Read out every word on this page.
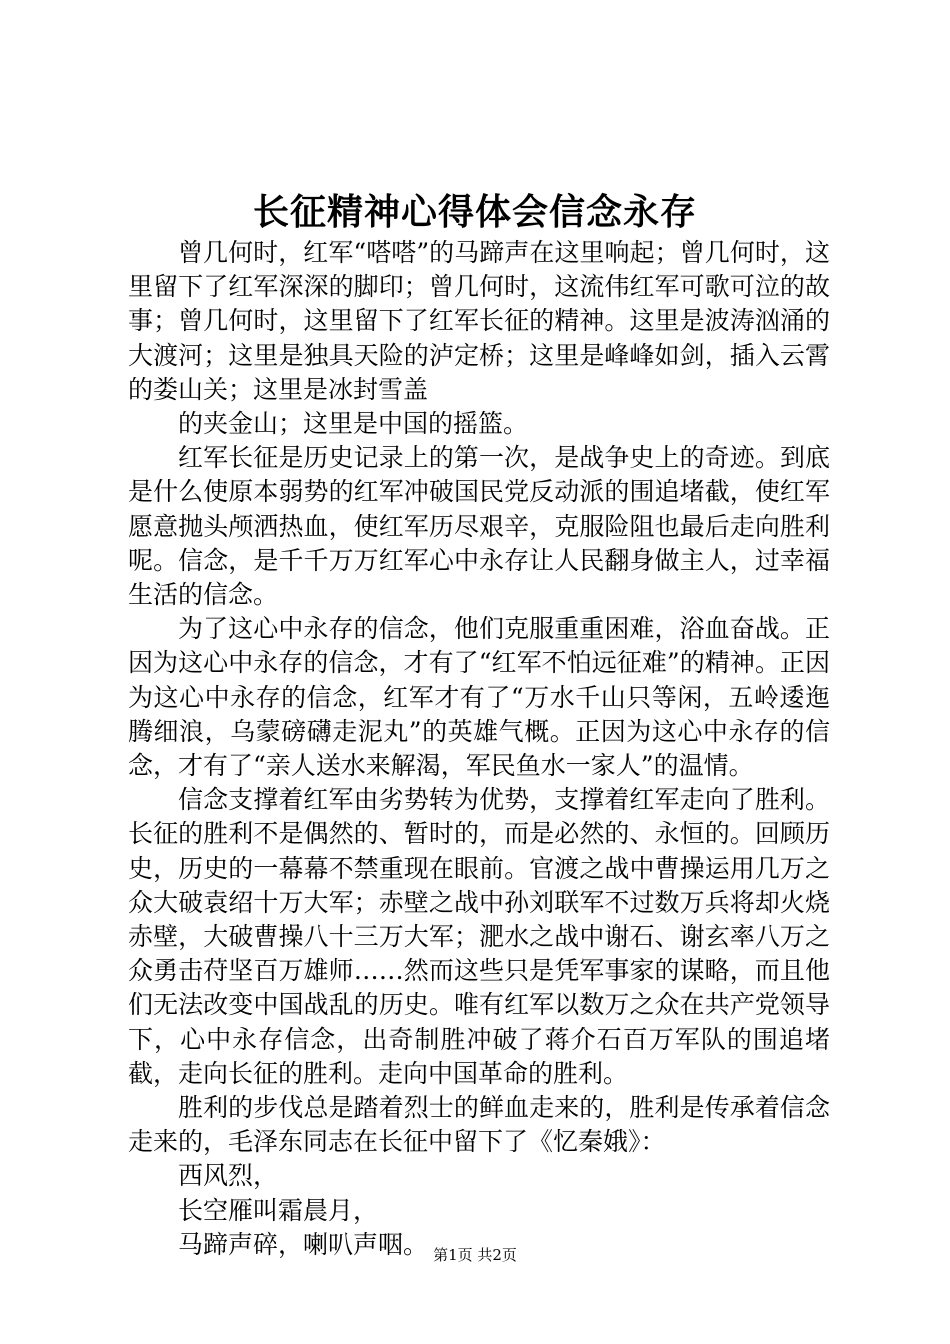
长征精神心得体会信念永存

曾几何时，红军“嗒嗒”的马蹄声在这里响起；曾几何时，这里留下了红军深深的脚印；曾几何时，这流伟红军可歌可泣的故事；曾几何时，这里留下了红军长征的精神。这里是波涛汹涌的大渡河；这里是独具天险的泸定桥；这里是峰峰如剑，插入云霄的娄山关；这里是冰封雪盖

的夹金山；这里是中国的摇篮。

红军长征是历史记录上的第一次，是战争史上的奇迹。到底是什么使原本弱势的红军冲破国民党反动派的围追堵截，使红军愿意抛头颅洒热血，使红军历尽艰辛，克服险阻也最后走向胜利呢。信念，是千千万万红军心中永存让人民翻身做主人，过幸福生活的信念。

为了这心中永存的信念，他们克服重重困难，浴血奋战。正因为这心中永存的信念，才有了“红军不怕远征难”的精神。正因为这心中永存的信念，红军才有了“万水千山只等闲，五岭逶迤腾细浪，乌蒙磅礴走泥丸”的英雄气概。正因为这心中永存的信念，才有了“亲人送水来解渴，军民鱼水一家人”的温情。

信念支撑着红军由劣势转为优势，支撑着红军走向了胜利。长征的胜利不是偶然的、暂时的，而是必然的、永恒的。回顾历史，历史的一幕幕不禁重现在眼前。官渡之战中曹操运用几万之众大破袁绍十万大军；赤壁之战中孙刘联军不过数万兵将却火烧赤壁，大破曹操八十三万大军；淝水之战中谢石、谢玄率八万之众勇击苻坚百万雄师……然而这些只是凭军事家的谋略，而且他们无法改变中国战乱的历史。唯有红军以数万之众在共产党领导下，心中永存信念，出奇制胜冲破了蒋介石百万军队的围追堵截，走向长征的胜利。走向中国革命的胜利。

胜利的步伐总是踏着烈士的鲜血走来的，胜利是传承着信念走来的，毛泽东同志在长征中留下了《忆秦娥》：

西风烈，

长空雁叫霜晨月，

马蹄声碎，喇叭声咽。 第1页 共2页
